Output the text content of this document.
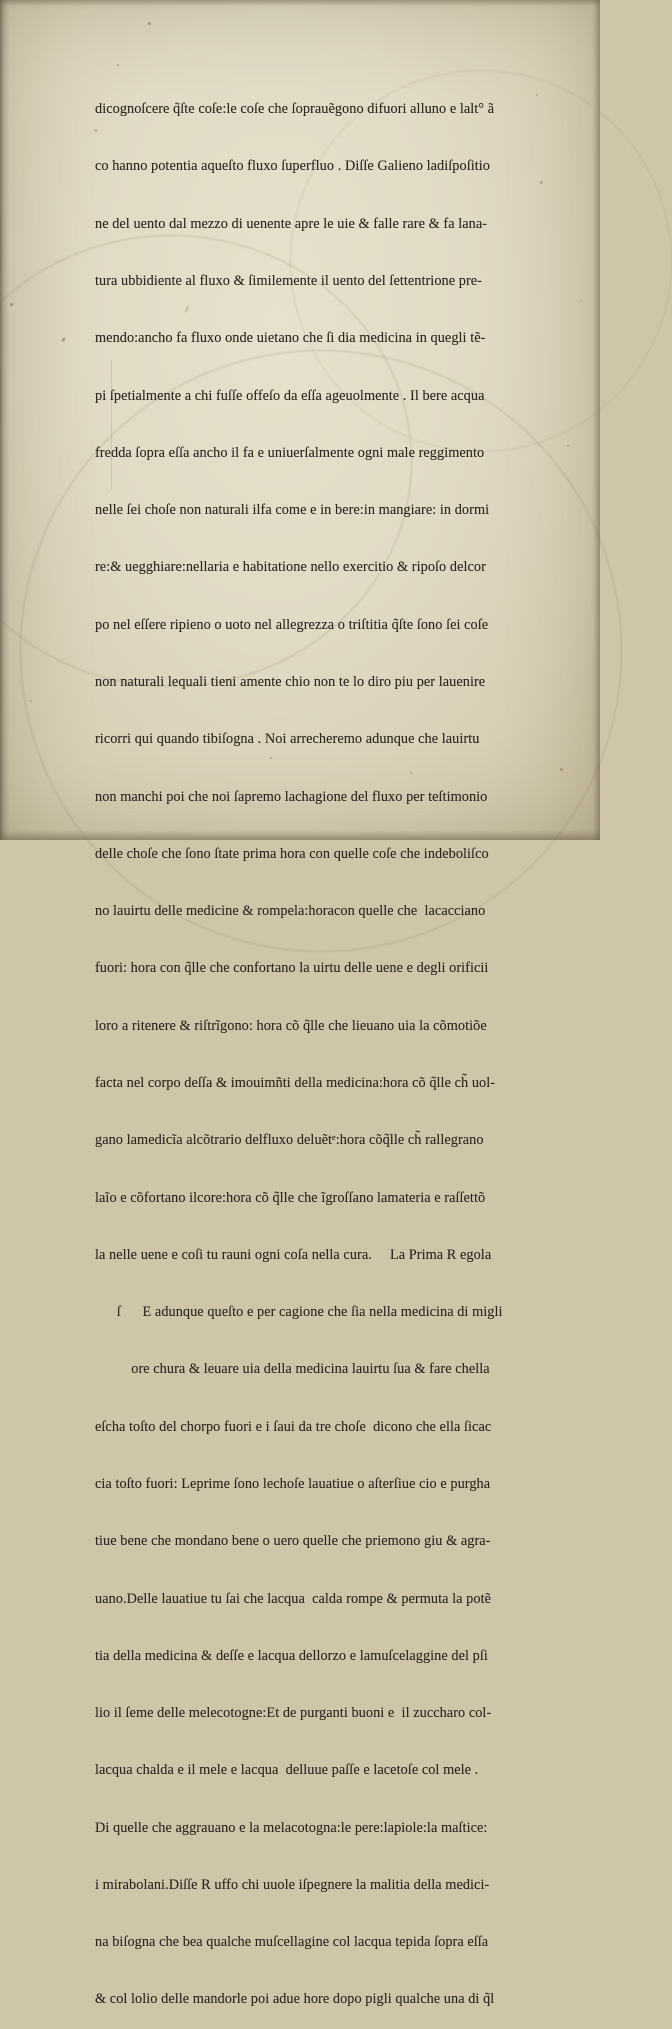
dicognoſcere q̃ſte coſe:le coſe che ſoprauẽgono difuori alluno e lalt° ã

co hanno potentia aqueſto fluxo ſuperfluo . Diſſe Galieno ladiſpoſitio

ne del uento dal mezzo di uenente apre le uie & falle rare & fa lana-

tura ubbidiente al fluxo & ſimilemente il uento del ſettentrione pre-

mendo:ancho fa fluxo onde uietano che ſi dia medicina in quegli tẽ-

pi ſpetialmente a chi fuſſe offeſo da eſſa ageuolmente . Il bere acqua

fredda ſopra eſſa ancho il fa e uniuerſalmente ogni male reggimento

nelle ſei choſe non naturali ilfa come e in bere:in mangiare: in dormi

re:& uegghiare:nellaria e habitatione nello exercitio & ripoſo delcor

po nel eſſere ripieno o uoto nel allegrezza o triſtitia q̃ſte ſono ſei coſe

non naturali lequali tieni amente chio non te lo diro piu per lauenire

ricorri qui quando tibiſogna . Noi arrecheremo adunque che lauirtu

non manchi poi che noi ſapremo lachagione del fluxo per teſtimonio

delle choſe che ſono ſtate prima hora con quelle coſe che indeboliſco

no lauirtu delle medicine & rompela:horacon quelle che  lacacciano

fuori: hora con q̃lle che confortano la uirtu delle uene e degli orificii

loro a ritenere & riſtrĩgono: hora cõ q̃lle che lieuano uia la cõmotiõe

facta nel corpo deſſa & imouimñti della medicina:hora cõ q̃lle ch̃ uol-

gano lamedicĩa alcõtrario delfluxo deluẽtᵉ:hora cõq̃lle ch̃ rallegrano

laĩo e cõfortano ilcore:hora cõ q̃lle che ĩgroſſano lamateria e raſſettõ

la nelle uene e coſi tu rauni ogni coſa nella cura.     La Prima R egola

ſ      E adunque queſto e per cagione che ſia nella medicina di migli

ore chura & leuare uia della medicina lauirtu ſua & fare chella

eſcha toſto del chorpo fuori e i ſaui da tre choſe  dicono che ella ſicac

cia toſto fuori: Leprime ſono lechoſe lauatiue o aſterſiue cio e purgha

tiue bene che mondano bene o uero quelle che priemono giu & agra-

uano.Delle lauatiue tu ſai che lacqua  calda rompe & permuta la potẽ

tia della medicina & deſſe e lacqua dellorzo e lamuſcelaggine del pſi

lio il ſeme delle melecotogne:Et de purganti buoni e  il zuccharo col-

lacqua chalda e il mele e lacqua  delluue paſſe e lacetoſe col mele .

Di quelle che aggrauano e la melacotogna:le pere:lapiole:la maſtice:

i mirabolani.Diſſe R uffo chi uuole iſpegnere la malitia della medici-

na biſogna che bea qualche muſcellagine col lacqua tepida ſopra eſſa

& col lolio delle mandorle poi adue hore dopo pigli qualche una di q̃l
